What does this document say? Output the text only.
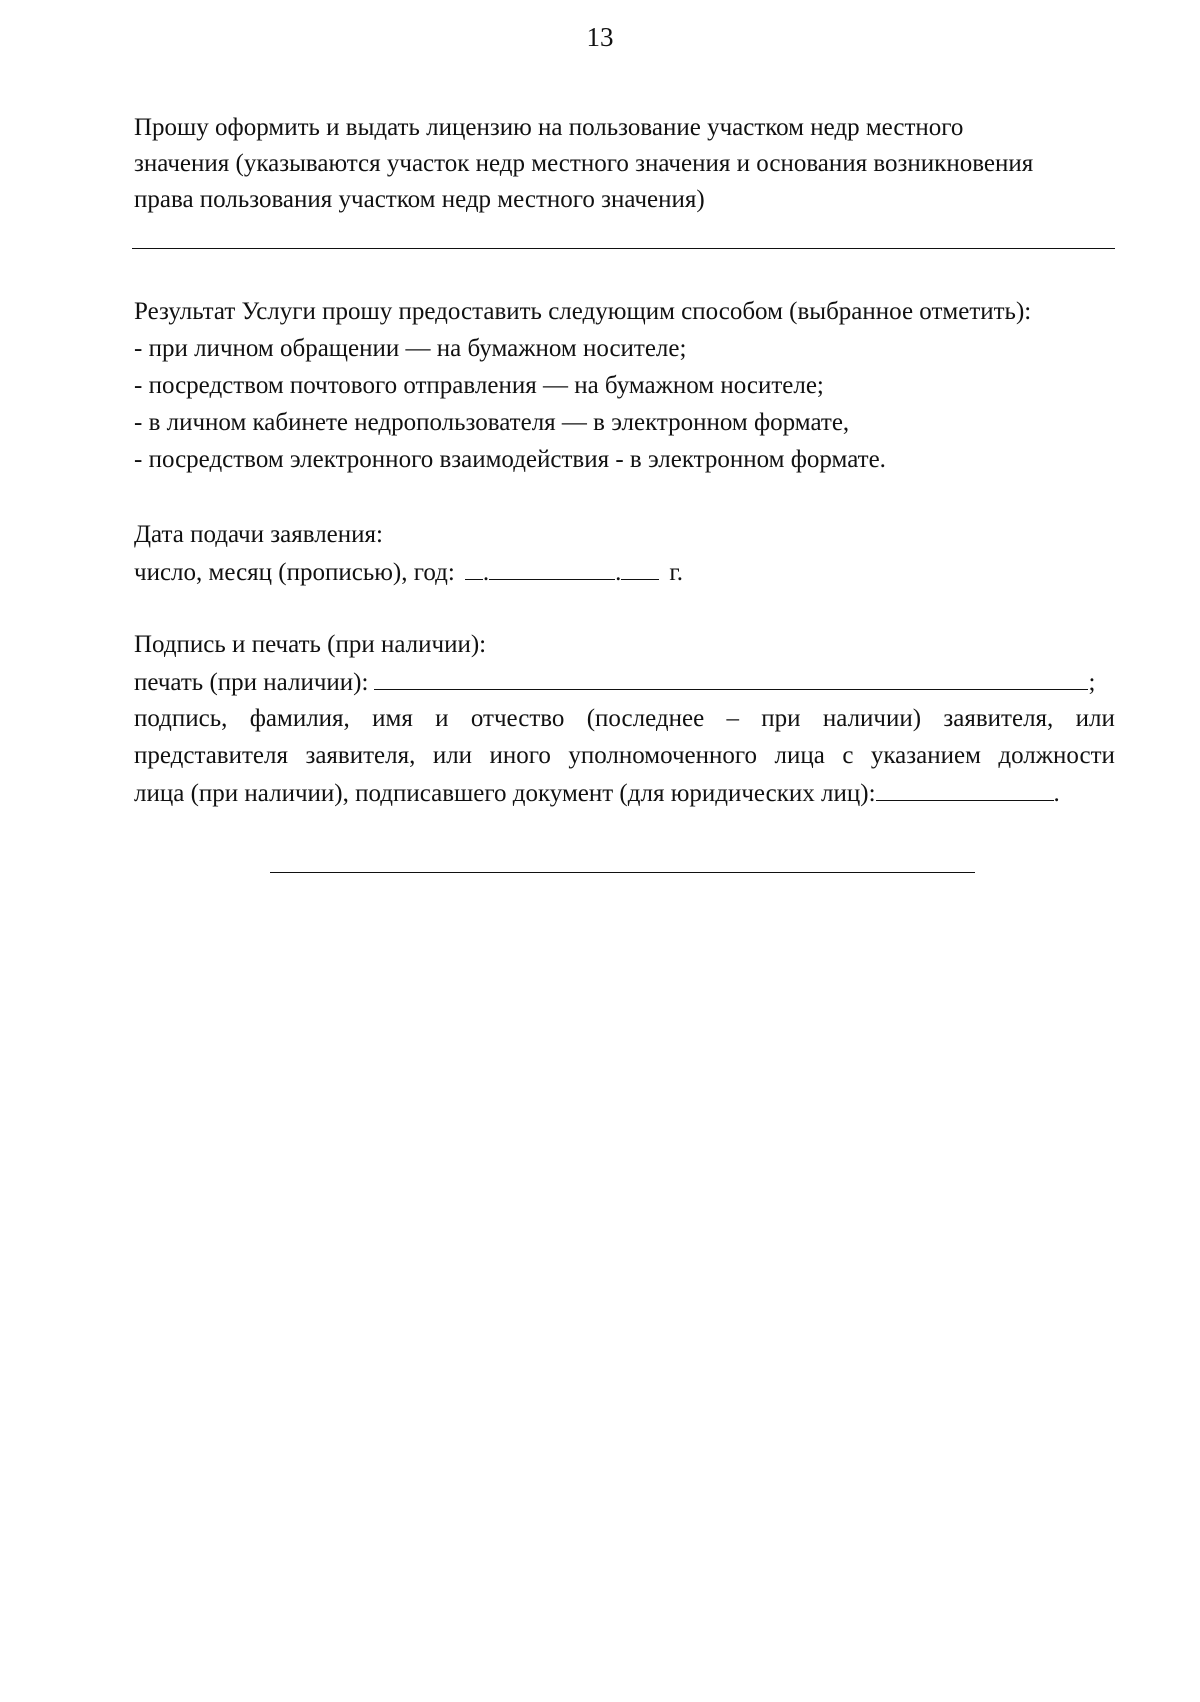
13
Прошу оформить и выдать лицензию на пользование участком недр местного
значения (указываются участок недр местного значения и основания возникновения
права пользования участком недр местного значения)
Результат Услуги прошу предоставить следующим способом (выбранное отметить):
- при личном обращении — на бумажном носителе;
- посредством почтового отправления — на бумажном носителе;
- в личном кабинете недропользователя — в электронном формате,
- посредством электронного взаимодействия - в электронном формате.
Дата подачи заявления:
число, месяц (прописью), год: .	. г.
Подпись и печать (при наличии):
печать (при наличии):	;
подпись, фамилия, имя и отчество (последнее – при наличии) заявителя, или
представителя заявителя, или иного уполномоченного лица с указанием должности
лица (при наличии), подписавшего документ (для юридических лиц):	.
